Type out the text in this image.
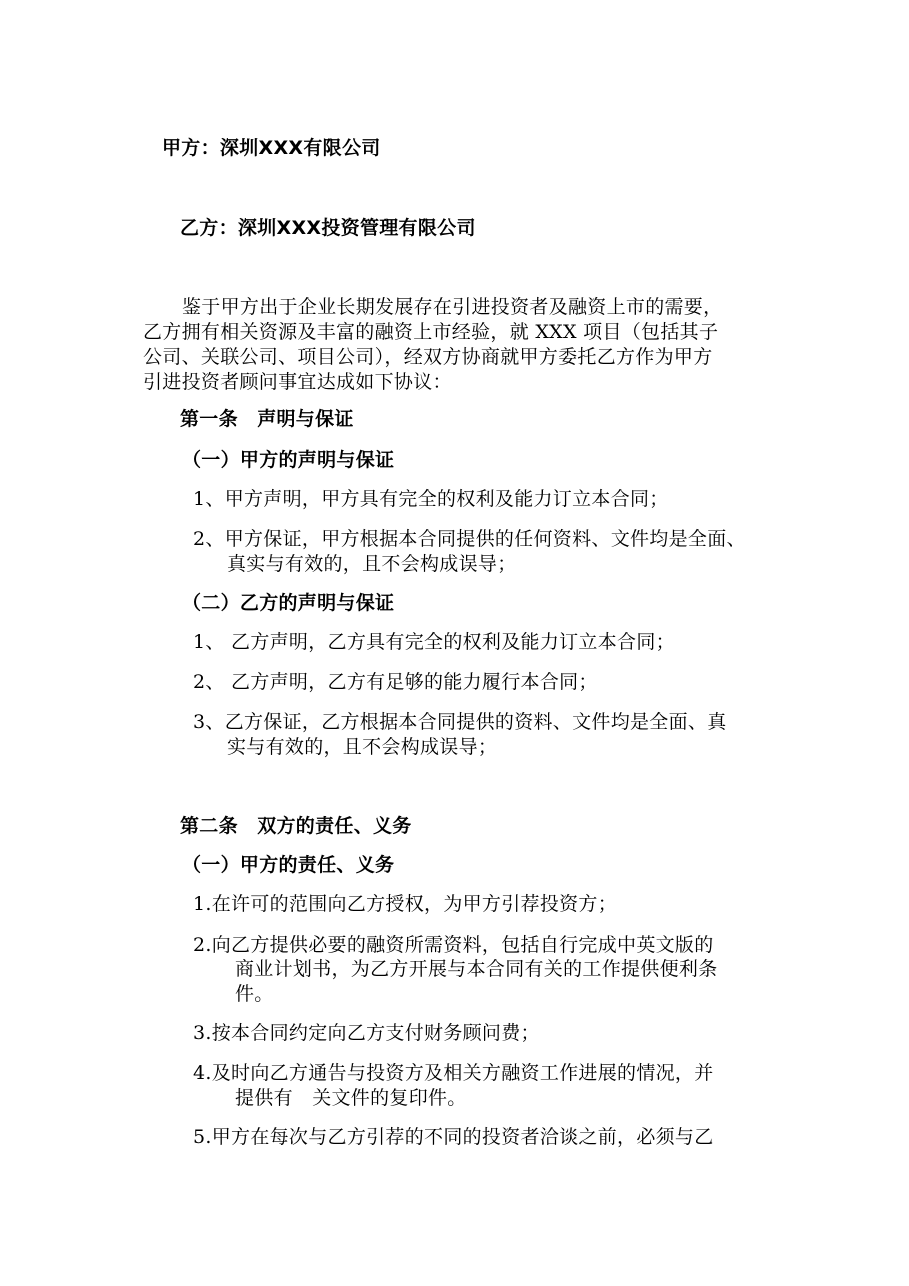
甲方：深圳XXX有限公司
乙方：深圳XXX投资管理有限公司
鉴于甲方出于企业长期发展存在引进投资者及融资上市的需要，
乙方拥有相关资源及丰富的融资上市经验，就 XXX 项目（包括其子
公司、关联公司、项目公司），经双方协商就甲方委托乙方作为甲方
引进投资者顾问事宜达成如下协议：
第一条　声明与保证
（一）甲方的声明与保证
1、甲方声明，甲方具有完全的权利及能力订立本合同；
2、甲方保证，甲方根据本合同提供的任何资料、文件均是全面、
真实与有效的，且不会构成误导；
（二）乙方的声明与保证
1、 乙方声明，乙方具有完全的权利及能力订立本合同；
2、 乙方声明，乙方有足够的能力履行本合同；
3、乙方保证，乙方根据本合同提供的资料、文件均是全面、真
实与有效的，且不会构成误导；
第二条　双方的责任、义务
（一）甲方的责任、义务
1.在许可的范围向乙方授权，为甲方引荐投资方；
2.向乙方提供必要的融资所需资料，包括自行完成中英文版的
商业计划书，为乙方开展与本合同有关的工作提供便利条
件。
3.按本合同约定向乙方支付财务顾问费；
4.及时向乙方通告与投资方及相关方融资工作进展的情况，并
提供有　关文件的复印件。
5.甲方在每次与乙方引荐的不同的投资者洽谈之前，必须与乙
